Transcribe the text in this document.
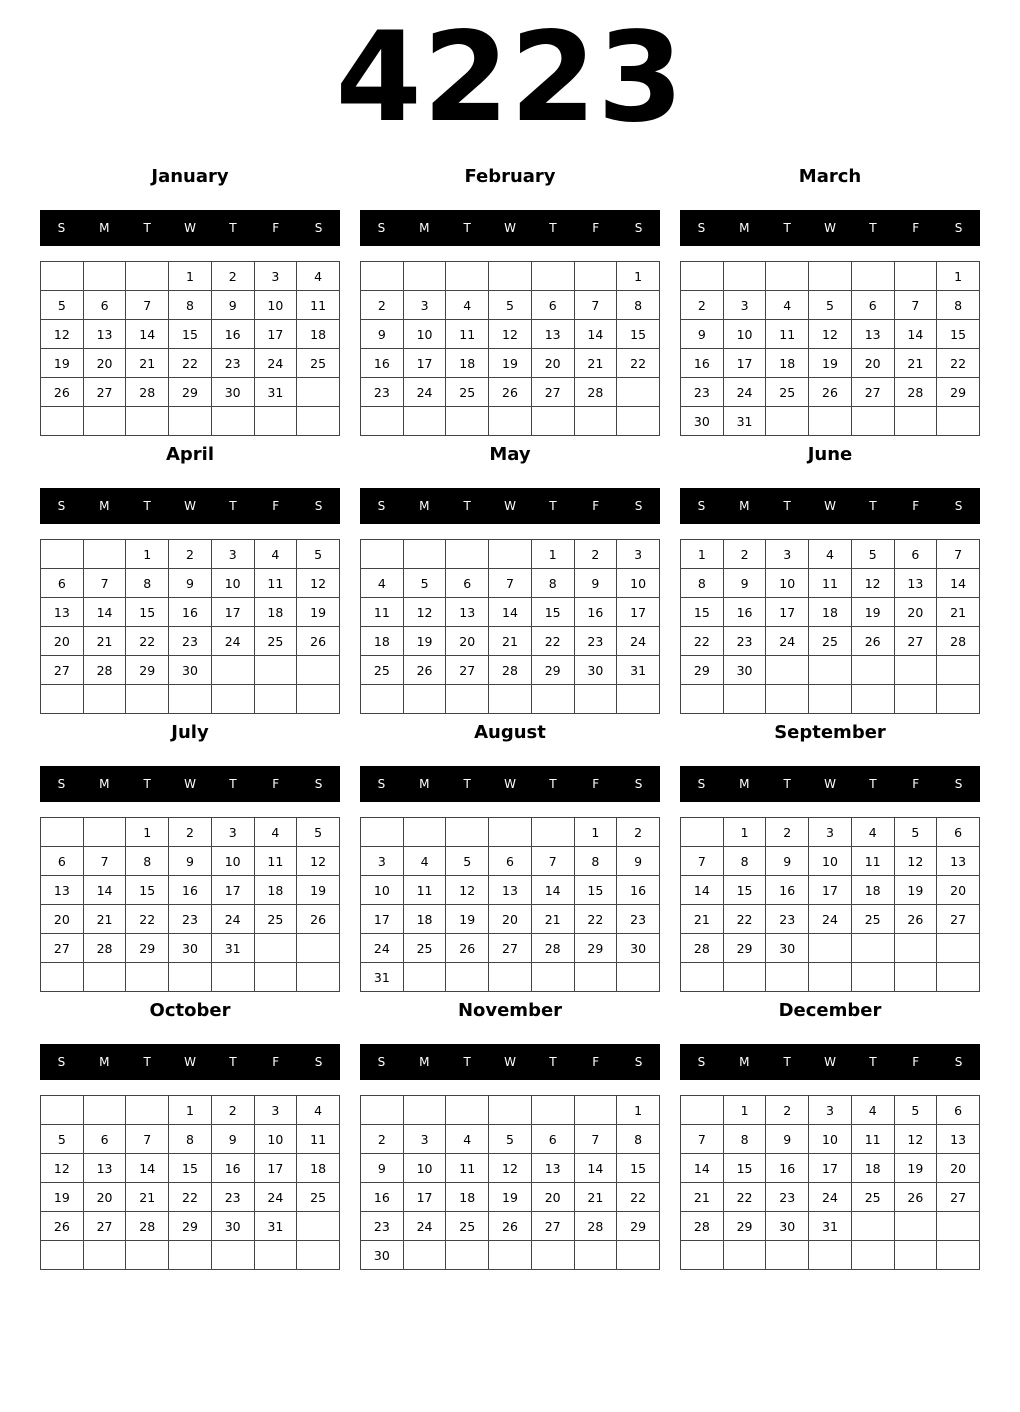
4223
January
S	M	T	W	T	F	S
			1	2	3	4
5	6	7	8	9	10	11
12	13	14	15	16	17	18
19	20	21	22	23	24	25
26	27	28	29	30	31	

February
S	M	T	W	T	F	S
						1
2	3	4	5	6	7	8
9	10	11	12	13	14	15
16	17	18	19	20	21	22
23	24	25	26	27	28	

March
S	M	T	W	T	F	S
						1
2	3	4	5	6	7	8
9	10	11	12	13	14	15
16	17	18	19	20	21	22
23	24	25	26	27	28	29
30	31					
April
S	M	T	W	T	F	S
		1	2	3	4	5
6	7	8	9	10	11	12
13	14	15	16	17	18	19
20	21	22	23	24	25	26
27	28	29	30			

May
S	M	T	W	T	F	S
				1	2	3
4	5	6	7	8	9	10
11	12	13	14	15	16	17
18	19	20	21	22	23	24
25	26	27	28	29	30	31

June
S	M	T	W	T	F	S
1	2	3	4	5	6	7
8	9	10	11	12	13	14
15	16	17	18	19	20	21
22	23	24	25	26	27	28
29	30					

July
S	M	T	W	T	F	S
		1	2	3	4	5
6	7	8	9	10	11	12
13	14	15	16	17	18	19
20	21	22	23	24	25	26
27	28	29	30	31		

August
S	M	T	W	T	F	S
					1	2
3	4	5	6	7	8	9
10	11	12	13	14	15	16
17	18	19	20	21	22	23
24	25	26	27	28	29	30
31						
September
S	M	T	W	T	F	S
	1	2	3	4	5	6
7	8	9	10	11	12	13
14	15	16	17	18	19	20
21	22	23	24	25	26	27
28	29	30				

October
S	M	T	W	T	F	S
			1	2	3	4
5	6	7	8	9	10	11
12	13	14	15	16	17	18
19	20	21	22	23	24	25
26	27	28	29	30	31	

November
S	M	T	W	T	F	S
						1
2	3	4	5	6	7	8
9	10	11	12	13	14	15
16	17	18	19	20	21	22
23	24	25	26	27	28	29
30						
December
S	M	T	W	T	F	S
	1	2	3	4	5	6
7	8	9	10	11	12	13
14	15	16	17	18	19	20
21	22	23	24	25	26	27
28	29	30	31			
